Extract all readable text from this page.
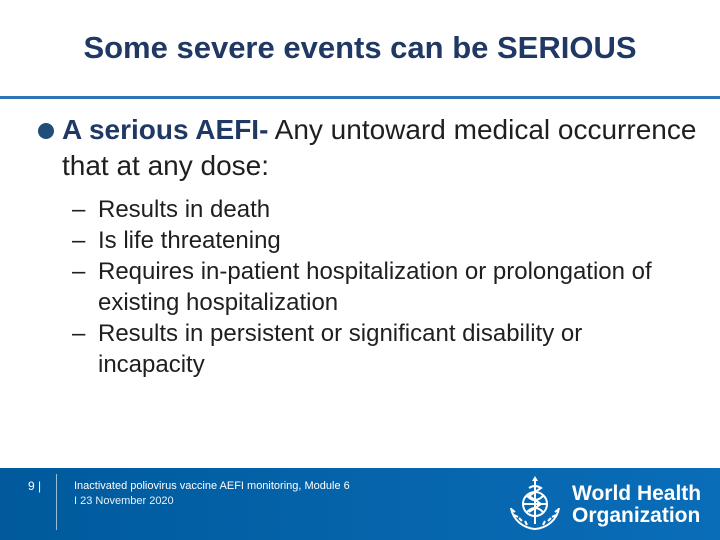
Some severe events can be SERIOUS
A serious AEFI- Any untoward medical occurrence that at any dose:
– Results in death
– Is life threatening
– Requires in-patient hospitalization or prolongation of existing hospitalization
– Results in persistent or significant disability or incapacity
9 |	Inactivated poliovirus vaccine AEFI monitoring, Module 6
I 23 November 2020	World Health
Organization
